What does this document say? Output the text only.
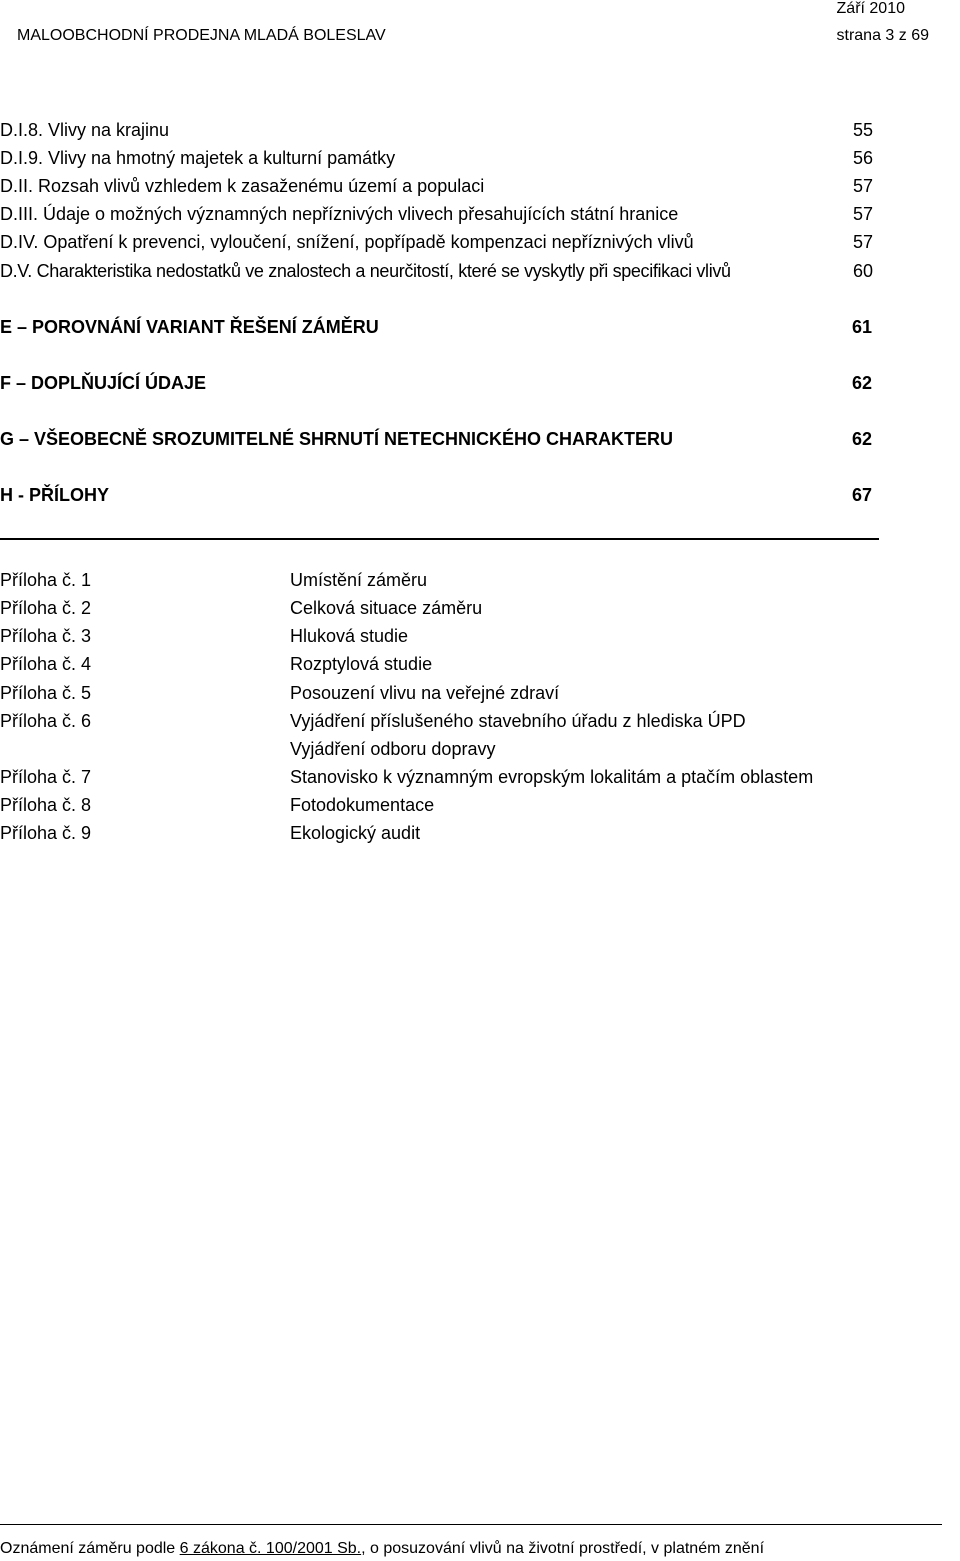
Září 2010
MALOOBCHODNÍ PRODEJNA MLADÁ BOLESLAV	strana 3 z 69
D.I.8. Vlivy na krajinu	55
D.I.9. Vlivy na hmotný majetek a kulturní památky	56
D.II. Rozsah vlivů vzhledem k zasaženému území a populaci	57
D.III. Údaje o možných významných nepříznivých vlivech přesahujících státní hranice	57
D.IV. Opatření k prevenci, vyloučení, snížení, popřípadě kompenzaci nepříznivých vlivů	57
D.V. Charakteristika nedostatků ve znalostech a neurčitostí, které se vyskytly při specifikaci vlivů	60
E – POROVNÁNÍ VARIANT ŘEŠENÍ ZÁMĚRU	61
F – DOPLŇUJÍCÍ ÚDAJE	62
G – VŠEOBECNĚ SROZUMITELNÉ SHRNUTÍ NETECHNICKÉHO CHARAKTERU	62
H - PŘÍLOHY	67
Příloha č. 1	Umístění záměru
Příloha č. 2	Celková situace záměru
Příloha č. 3	Hluková studie
Příloha č. 4	Rozptylová studie
Příloha č. 5	Posouzení vlivu na veřejné zdraví
Příloha č. 6	Vyjádření příslušeného stavebního úřadu z hlediska ÚPD
Vyjádření odboru dopravy
Příloha č. 7	Stanovisko k významným evropským lokalitám a ptačím oblastem
Příloha č. 8	Fotodokumentace
Příloha č. 9	Ekologický audit
Oznámení záměru podle 6 zákona č. 100/2001 Sb., o posuzování vlivů na životní prostředí, v platném znění
